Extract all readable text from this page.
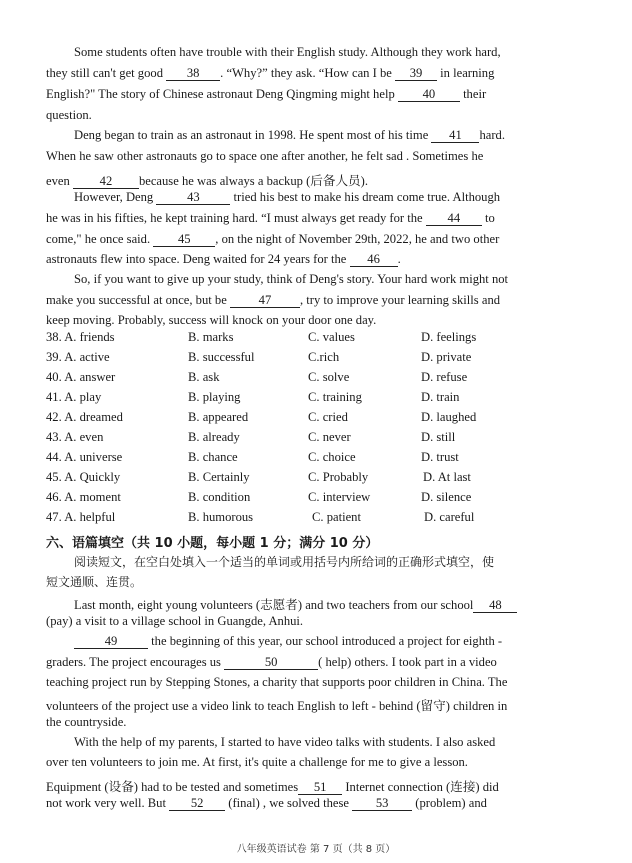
Some students often have trouble with their English study. Although they work hard,
they still can't get good 38 . “Why?” they ask. “How can I be 39 in learning
English?" The story of Chinese astronaut Deng Qingming might help 40 their
question.
Deng began to train as an astronaut in 1998. He spent most of his time 41 hard.
When he saw other astronauts go to space one after another, he felt sad . Sometimes he
even 42 because he was always a backup (后备人员).
However, Deng	43	tried his best to make his dream come true. Although
he was in his fifties, he kept training hard. “I must always get ready for the 44 to
come," he once said. 45 , on the night of November 29th, 2022, he and two other
astronauts flew into space. Deng waited for 24 years for the 46 .
So, if you want to give up your study, think of Deng's story. Your hard work might not
make you successful at once, but be	47 , try to improve your learning skills and
keep moving. Probably, success will knock on your door one day.
38. A. friends	B. marks	C. values	D. feelings
39. A. active	B. successful	C.rich	D. private
40. A. answer	B. ask	C. solve	D. refuse
41. A. play	B. playing	C. training	D. train
42. A. dreamed	B. appeared	C. cried	D. laughed
43. A. even	B. already	C. never	D. still
44. A. universe	B. chance	C. choice	D. trust
45. A. Quickly	B. Certainly	C. Probably	D. At last
46. A. moment	B. condition	C. interview	D. silence
47. A. helpful	B. humorous	C. patient	D. careful
六、语篇填空（共 10 小题，每小题 1 分；满分 10 分）
阅读短文，在空白处填入一个适当的单词或用括号内所给词的正确形式填空，使
短文通顺、连贯。
Last month, eight young volunteers (志愿者) and two teachers from our school 48
(pay) a visit to a village school in Guangde, Anhui.
49	the beginning of this year, our school introduced a project for eighth -
graders. The project encourages us	50	( help) others. I took part in a video
teaching project run by Stepping Stones, a charity that supports poor children in China. The
volunteers of the project use a video link to teach English to left - behind (留守) children in
the countryside.
With the help of my parents, I started to have video talks with students. I also asked
over ten volunteers to join me. At first, it's quite a challenge for me to give a lesson.
Equipment (设备) had to be tested and sometimes 51 Internet connection (连接) did
not work very well. But 52 (final) , we solved these 53 (problem) and
八年级英语试卷 第 7 页（共 8 页）
